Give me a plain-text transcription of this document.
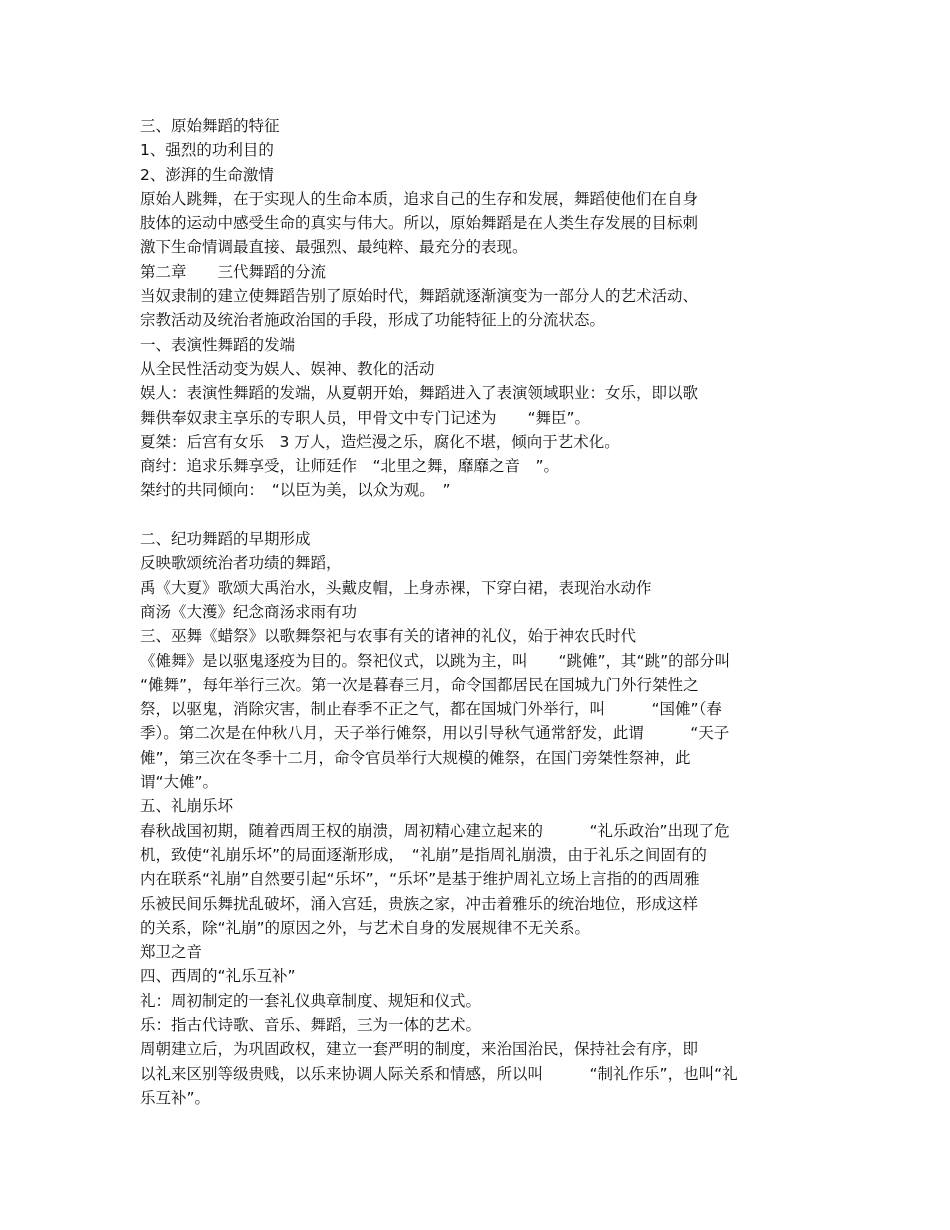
三、原始舞蹈的特征
1、强烈的功利目的
2、澎湃的生命激情
原始人跳舞，在于实现人的生命本质，追求自己的生存和发展，舞蹈使他们在自身
肢体的运动中感受生命的真实与伟大。所以，原始舞蹈是在人类生存发展的目标刺
激下生命情调最直接、最强烈、最纯粹、最充分的表现。
第二章　　三代舞蹈的分流
当奴隶制的建立使舞蹈告别了原始时代，舞蹈就逐渐演变为一部分人的艺术活动、
宗教活动及统治者施政治国的手段，形成了功能特征上的分流状态。
一、表演性舞蹈的发端
从全民性活动变为娱人、娱神、教化的活动
娱人：表演性舞蹈的发端，从夏朝开始，舞蹈进入了表演领域职业：女乐，即以歌
舞供奉奴隶主享乐的专职人员，甲骨文中专门记述为　　“舞臣”。
夏桀：后宫有女乐　3 万人，造烂漫之乐，腐化不堪，倾向于艺术化。
商纣：追求乐舞享受，让师廷作　“北里之舞，靡靡之音　”。
桀纣的共同倾向：　“以臣为美，以众为观。　”
二、纪功舞蹈的早期形成
反映歌颂统治者功绩的舞蹈，
禹《大夏》歌颂大禹治水，头戴皮帽，上身赤裸，下穿白裙，表现治水动作
商汤《大濩》纪念商汤求雨有功
三、巫舞《蜡祭》以歌舞祭祀与农事有关的诸神的礼仪，始于神农氏时代
《傩舞》是以驱鬼逐疫为目的。祭祀仪式，以跳为主，叫　　“跳傩”，其“跳”的部分叫
“傩舞”，每年举行三次。第一次是暮春三月，命令国都居民在国城九门外行桀性之
祭，以驱鬼，消除灾害，制止春季不正之气，都在国城门外举行，叫　　　“国傩”（春
季）。第二次是在仲秋八月，天子举行傩祭，用以引导秋气通常舒发，此谓　　　“天子
傩”，第三次在冬季十二月，命令官员举行大规模的傩祭，在国门旁桀性祭神，此
谓“大傩”。
五、礼崩乐坏
春秋战国初期，随着西周王权的崩溃，周初精心建立起来的　　　“礼乐政治”出现了危
机，致使“礼崩乐坏”的局面逐渐形成，　“礼崩”是指周礼崩溃，由于礼乐之间固有的
内在联系“礼崩”自然要引起“乐坏”，“乐坏”是基于维护周礼立场上言指的的西周雅
乐被民间乐舞扰乱破坏，涌入宫廷，贵族之家，冲击着雅乐的统治地位，形成这样
的关系，除“礼崩”的原因之外，与艺术自身的发展规律不无关系。
郑卫之音
四、西周的“礼乐互补”
礼：周初制定的一套礼仪典章制度、规矩和仪式。
乐：指古代诗歌、音乐、舞蹈，三为一体的艺术。
周朝建立后，为巩固政权，建立一套严明的制度，来治国治民，保持社会有序，即
以礼来区别等级贵贱，以乐来协调人际关系和情感，所以叫　　　“制礼作乐”，也叫“礼
乐互补”。
